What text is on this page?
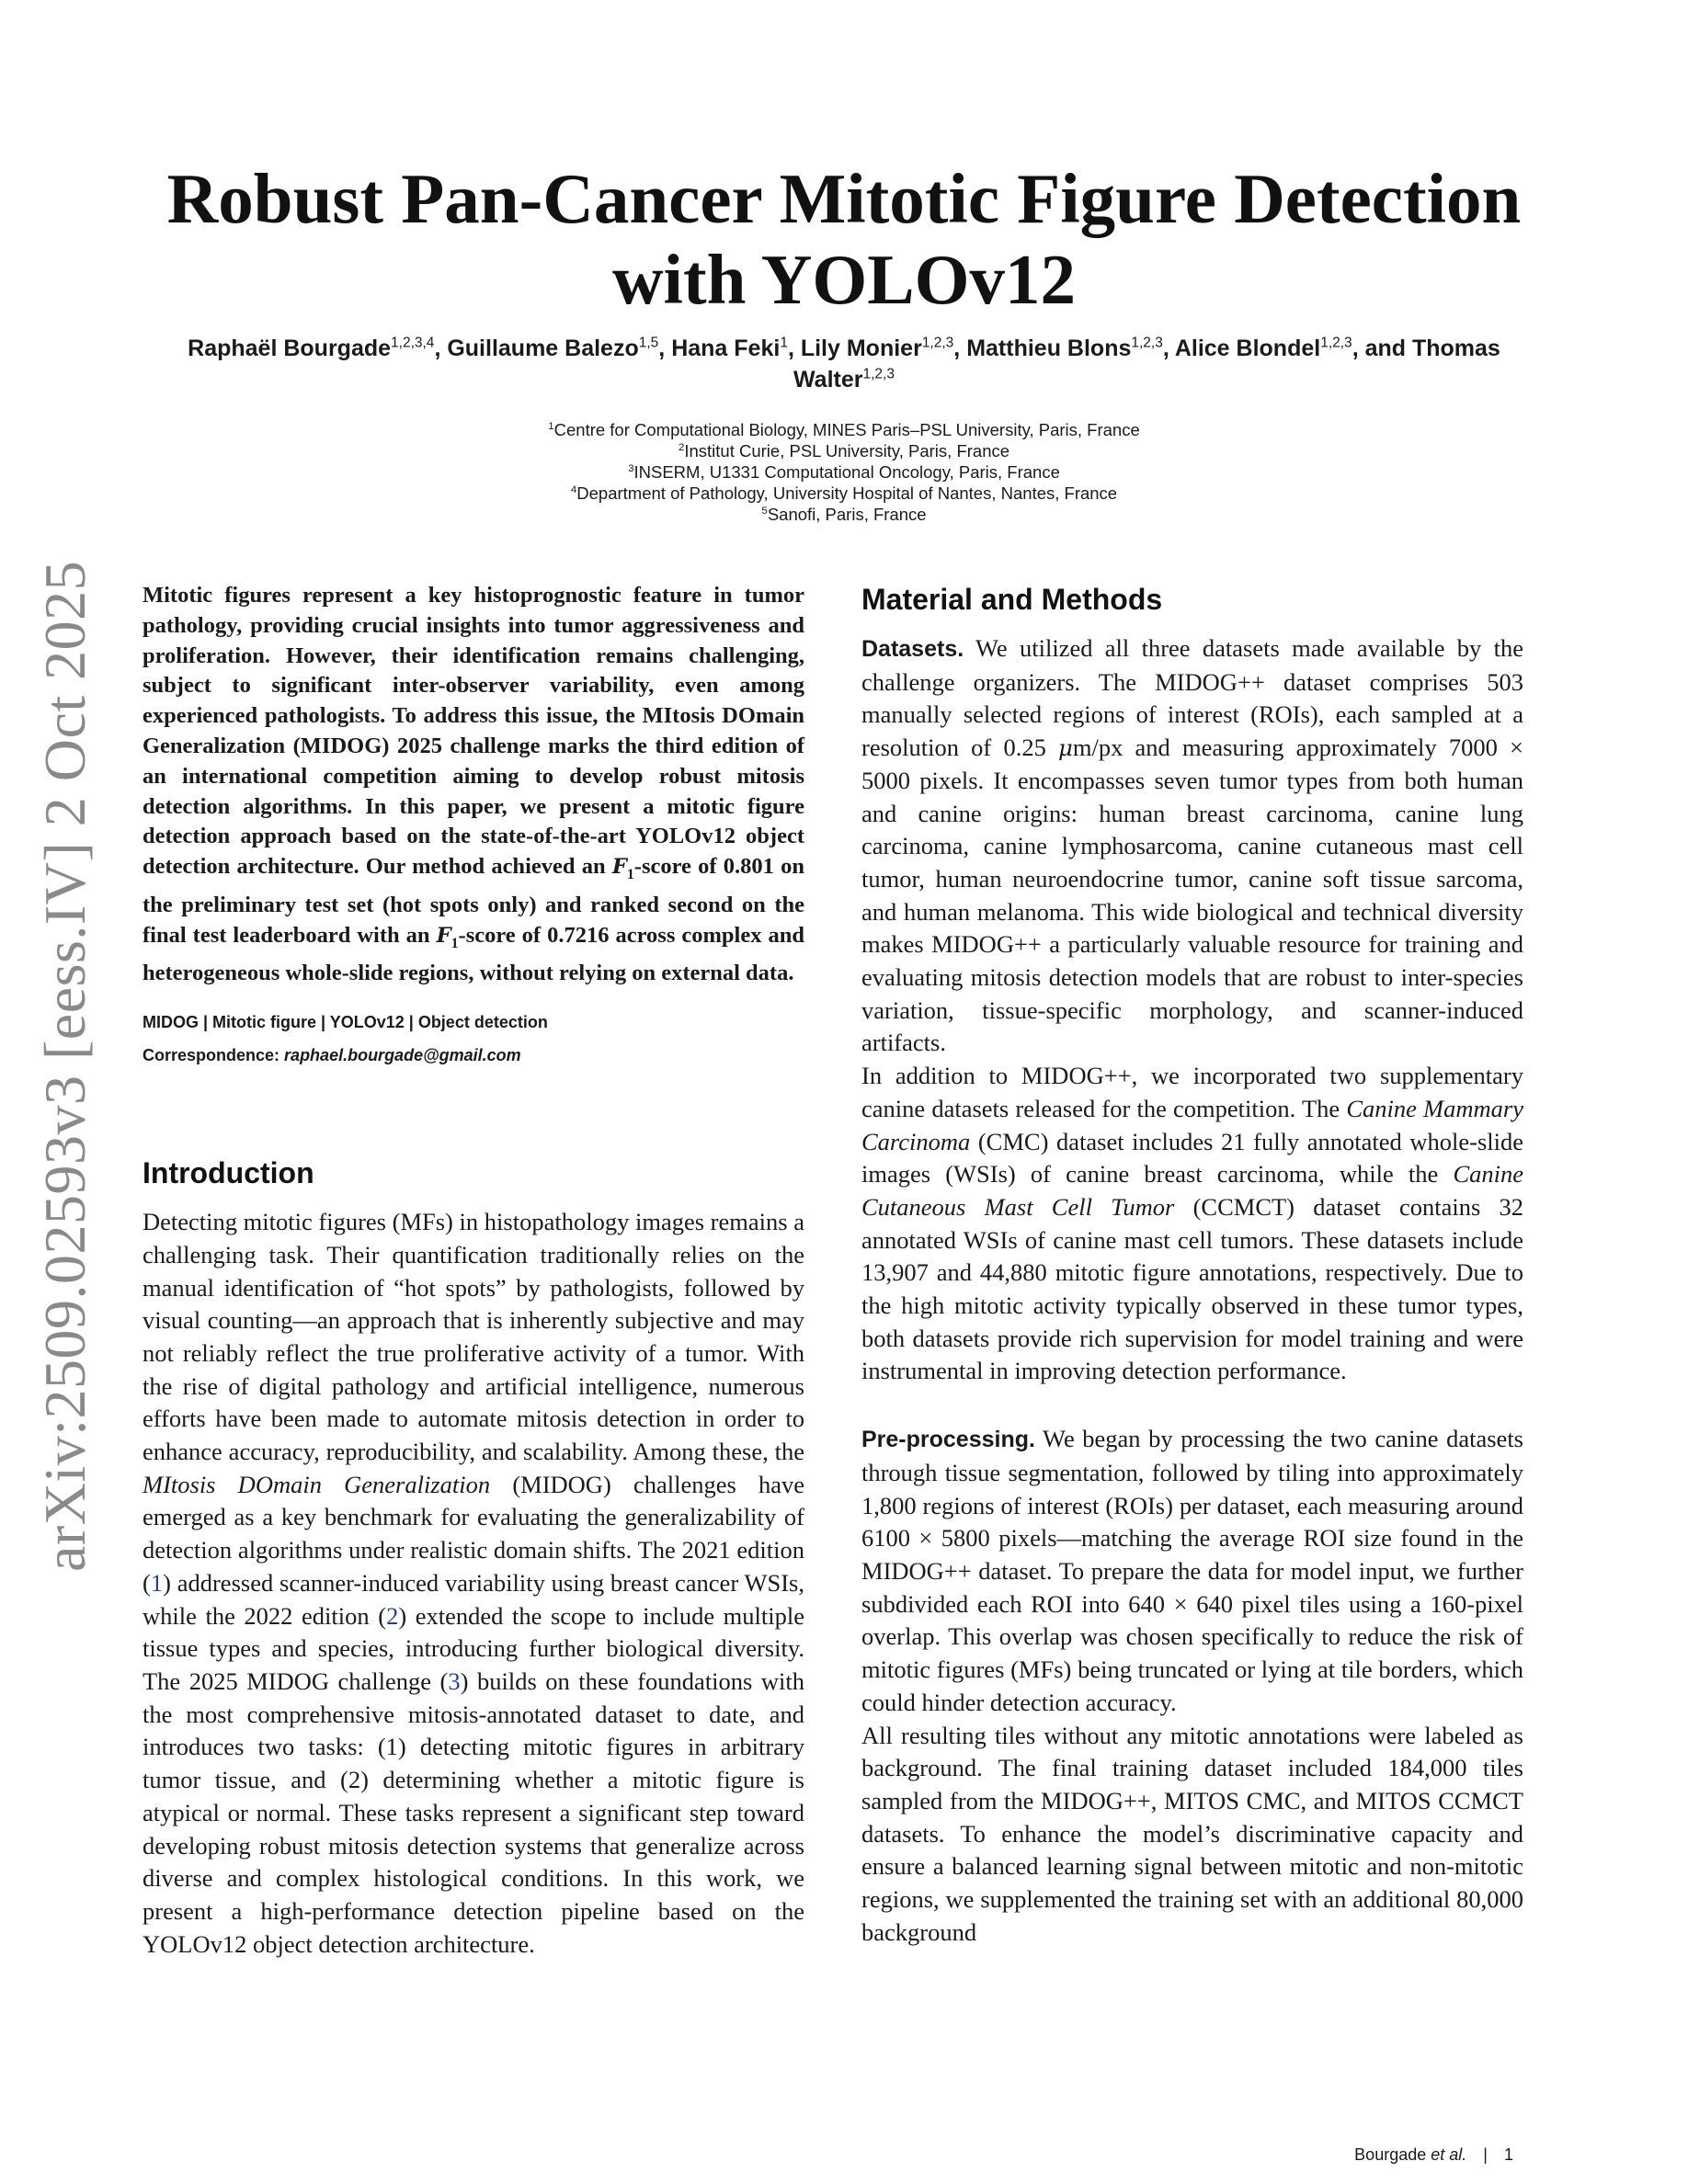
arXiv:2509.02593v3 [eess.IV] 2 Oct 2025
Robust Pan-Cancer Mitotic Figure Detection with YOLOv12
Raphaël Bourgade$^{1,2,3,4}$, Guillaume Balezo$^{1,5}$, Hana Feki$^1$, Lily Monier$^{1,2,3}$, Matthieu Blons$^{1,2,3}$, Alice Blondel$^{1,2,3}$, and Thomas Walter$^{1,2,3}$
$^1$Centre for Computational Biology, MINES Paris–PSL University, Paris, France
$^2$Institut Curie, PSL University, Paris, France
$^3$INSERM, U1331 Computational Oncology, Paris, France
$^4$Department of Pathology, University Hospital of Nantes, Nantes, France
$^5$Sanofi, Paris, France

Mitotic figures represent a key histoprognostic feature in tumor pathology, providing crucial insights into tumor aggressiveness and proliferation. However, their identification remains challenging, subject to significant inter-observer variability, even among experienced pathologists. To address this issue, the MItosis DOmain Generalization (MIDOG) 2025 challenge marks the third edition of an international competition aiming to develop robust mitosis detection algorithms. In this paper, we present a mitotic figure detection approach based on the state-of-the-art YOLOv12 object detection architecture. Our method achieved an $F_1$-score of 0.801 on the preliminary test set (hot spots only) and ranked second on the final test leaderboard with an $F_1$-score of 0.7216 across complex and heterogeneous whole-slide regions, without relying on external data.

MIDOG | Mitotic figure | YOLOv12 | Object detection

Correspondence: raphael.bourgade@gmail.com

Introduction

Detecting mitotic figures (MFs) in histopathology images remains a challenging task. Their quantification traditionally relies on the manual identification of “hot spots” by pathologists, followed by visual counting—an approach that is inherently subjective and may not reliably reflect the true proliferative activity of a tumor. With the rise of digital pathology and artificial intelligence, numerous efforts have been made to automate mitosis detection in order to enhance accuracy, reproducibility, and scalability. Among these, the MItosis DOmain Generalization (MIDOG) challenges have emerged as a key benchmark for evaluating the generalizability of detection algorithms under realistic domain shifts. The 2021 edition (1) addressed scanner-induced variability using breast cancer WSIs, while the 2022 edition (2) extended the scope to include multiple tissue types and species, introducing further biological diversity. The 2025 MIDOG challenge (3) builds on these foundations with the most comprehensive mitosis-annotated dataset to date, and introduces two tasks: (1) detecting mitotic figures in arbitrary tumor tissue, and (2) determining whether a mitotic figure is atypical or normal. These tasks represent a significant step toward developing robust mitosis detection systems that generalize across diverse and complex histological conditions. In this work, we present a high-performance detection pipeline based on the YOLOv12 object detection architecture.

Material and Methods

Datasets. We utilized all three datasets made available by the challenge organizers. The MIDOG++ dataset comprises 503 manually selected regions of interest (ROIs), each sampled at a resolution of 0.25 μm/px and measuring approximately 7000 × 5000 pixels. It encompasses seven tumor types from both human and canine origins: human breast carcinoma, canine lung carcinoma, canine lymphosarcoma, canine cutaneous mast cell tumor, human neuroendocrine tumor, canine soft tissue sarcoma, and human melanoma. This wide biological and technical diversity makes MIDOG++ a particularly valuable resource for training and evaluating mitosis detection models that are robust to inter-species variation, tissue-specific morphology, and scanner-induced artifacts.

In addition to MIDOG++, we incorporated two supplementary canine datasets released for the competition. The Canine Mammary Carcinoma (CMC) dataset includes 21 fully annotated whole-slide images (WSIs) of canine breast carcinoma, while the Canine Cutaneous Mast Cell Tumor (CCMCT) dataset contains 32 annotated WSIs of canine mast cell tumors. These datasets include 13,907 and 44,880 mitotic figure annotations, respectively. Due to the high mitotic activity typically observed in these tumor types, both datasets provide rich supervision for model training and were instrumental in improving detection performance.

Pre-processing. We began by processing the two canine datasets through tissue segmentation, followed by tiling into approximately 1,800 regions of interest (ROIs) per dataset, each measuring around 6100 × 5800 pixels—matching the average ROI size found in the MIDOG++ dataset. To prepare the data for model input, we further subdivided each ROI into 640 × 640 pixel tiles using a 160-pixel overlap. This overlap was chosen specifically to reduce the risk of mitotic figures (MFs) being truncated or lying at tile borders, which could hinder detection accuracy.

All resulting tiles without any mitotic annotations were labeled as background. The final training dataset included 184,000 tiles sampled from the MIDOG++, MITOS CMC, and MITOS CCMCT datasets. To enhance the model’s discriminative capacity and ensure a balanced learning signal between mitotic and non-mitotic regions, we supplemented the training set with an additional 80,000 background

Bourgade et al. | 1
